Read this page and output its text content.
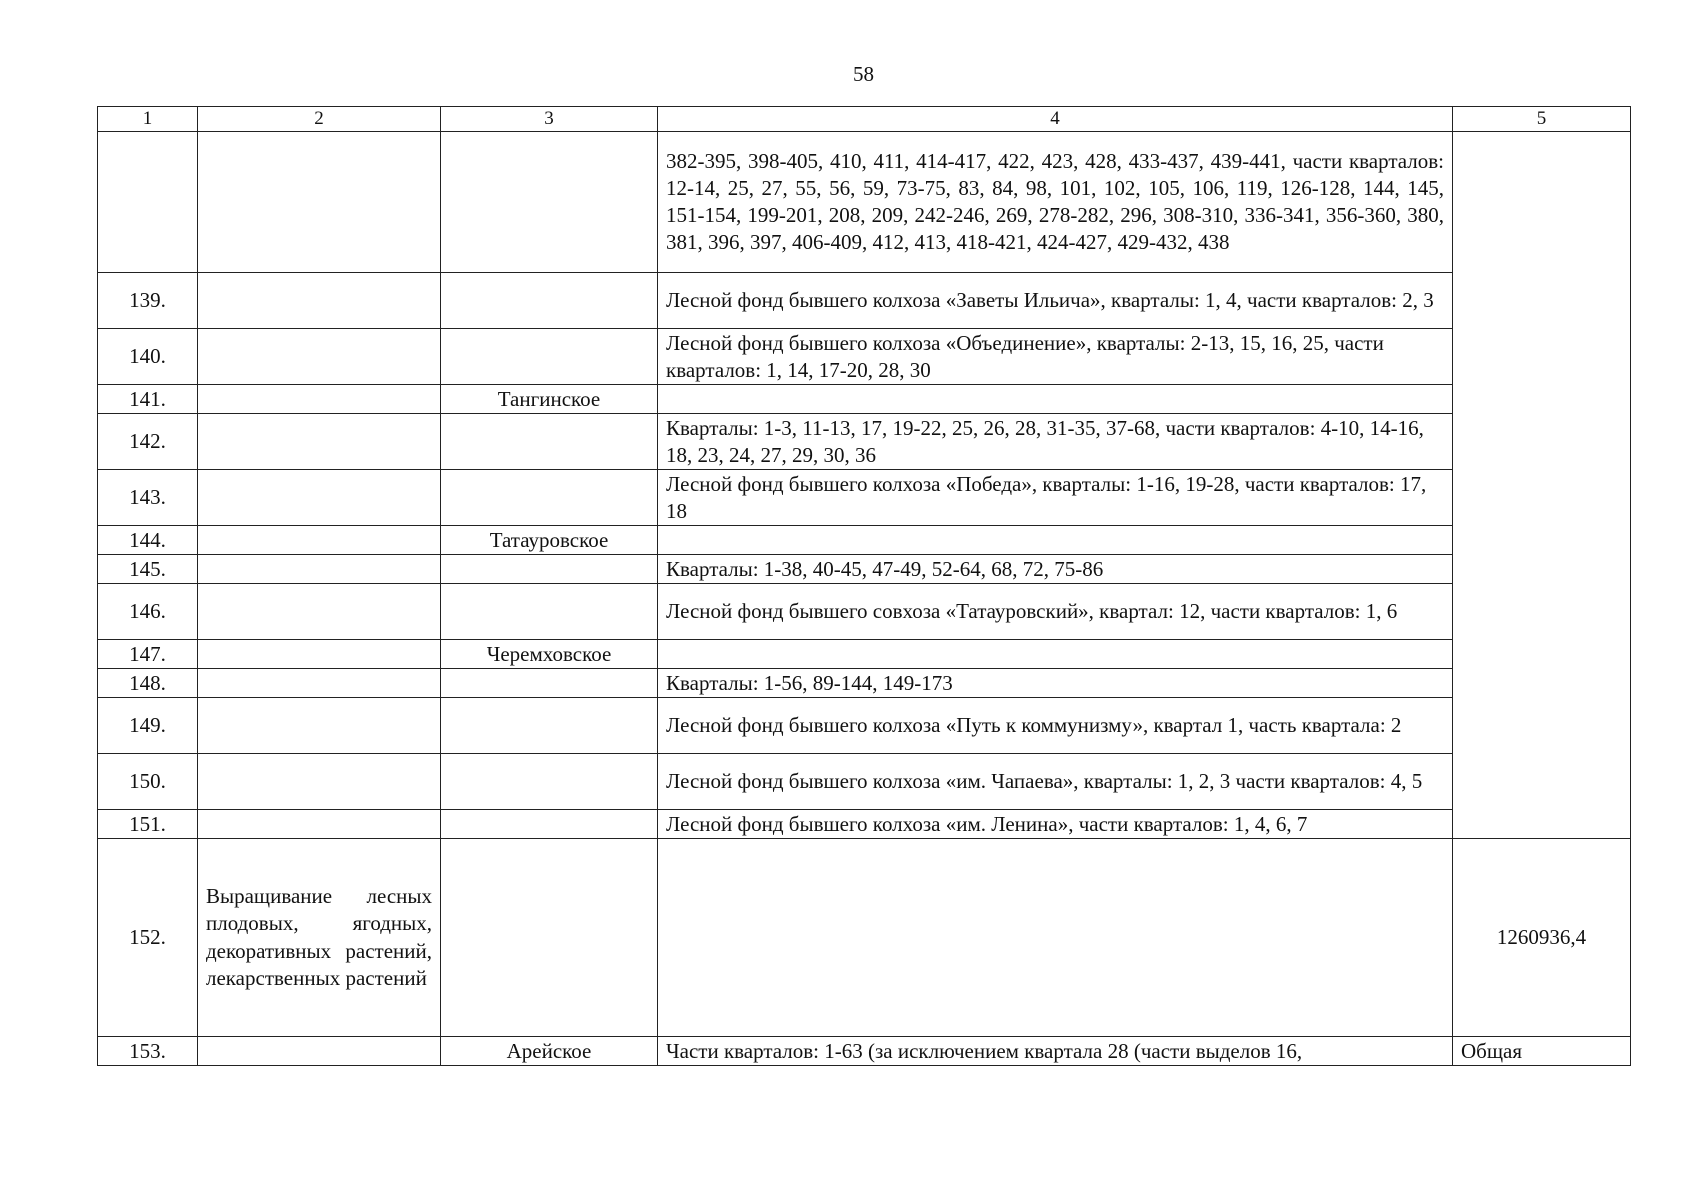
58
1	2	3	4	5
			382-395, 398-405, 410, 411, 414-417, 422, 423, 428, 433-437, 439-441, части кварталов: 12-14, 25, 27, 55, 56, 59, 73-75, 83, 84, 98, 101, 102, 105, 106, 119, 126-128, 144, 145, 151-154, 199-201, 208, 209, 242-246, 269, 278-282, 296, 308-310, 336-341, 356-360, 380, 381, 396, 397, 406-409, 412, 413, 418-421, 424-427, 429-432, 438	
139.			Лесной фонд бывшего колхоза «Заветы Ильича», кварталы: 1, 4, части кварталов: 2, 3	
140.			Лесной фонд бывшего колхоза «Объединение», кварталы: 2-13, 15, 16, 25, части кварталов: 1, 14, 17-20, 28, 30	
141.		Тангинское		
142.			Кварталы: 1-3, 11-13, 17, 19-22, 25, 26, 28, 31-35, 37-68, части кварталов: 4-10, 14-16, 18, 23, 24, 27, 29, 30, 36	
143.			Лесной фонд бывшего колхоза «Победа», кварталы: 1-16, 19-28, части кварталов: 17, 18	
144.		Татауровское		
145.			Кварталы: 1-38, 40-45, 47-49, 52-64, 68, 72, 75-86	
146.			Лесной фонд бывшего совхоза «Татауровский», квартал: 12, части кварталов: 1, 6	
147.		Черемховское		
148.			Кварталы: 1-56, 89-144, 149-173	
149.			Лесной фонд бывшего колхоза «Путь к коммунизму», квартал 1, часть квартала: 2	
150.			Лесной фонд бывшего колхоза «им. Чапаева», кварталы: 1, 2, 3 части кварталов: 4, 5	
151.			Лесной фонд бывшего колхоза «им. Ленина», части кварталов: 1, 4, 6, 7	
152.	Выращивание лесных плодовых, ягодных, декоративных растений, лекарственных растений			1260936,4
153.		Арейское	Части кварталов: 1-63 (за исключением квартала 28 (части выделов 16,	Общая
